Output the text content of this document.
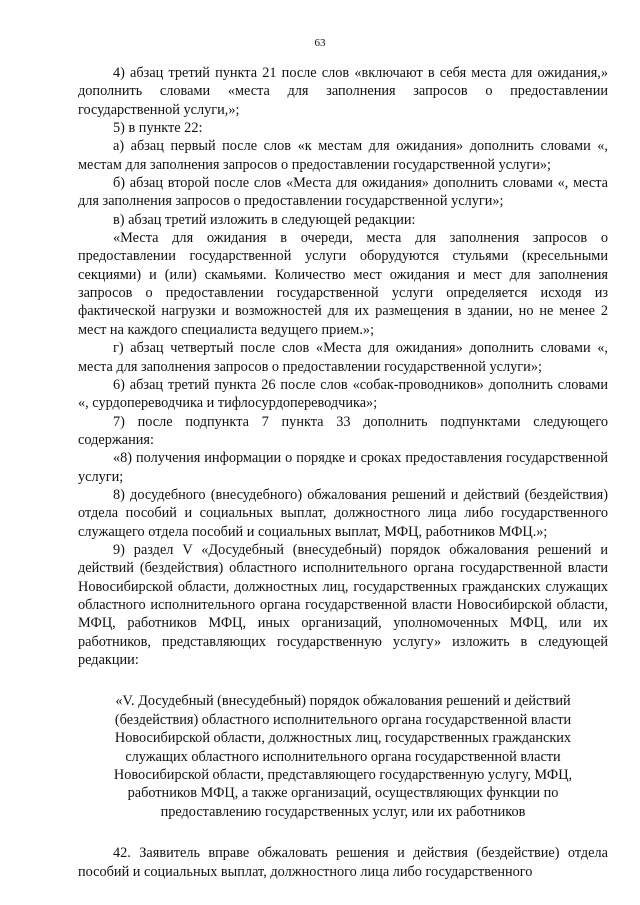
63

4) абзац третий пункта 21 после слов «включают в себя места для ожидания,» дополнить словами «места для заполнения запросов о предоставлении государственной услуги,»;

5) в пункте 22:

а) абзац первый после слов «к местам для ожидания» дополнить словами «, местам для заполнения запросов о предоставлении государственной услуги»;

б) абзац второй после слов «Места для ожидания» дополнить словами «, места для заполнения запросов о предоставлении государственной услуги»;

в) абзац третий изложить в следующей редакции:

«Места для ожидания в очереди, места для заполнения запросов о предоставлении государственной услуги оборудуются стульями (кресельными секциями) и (или) скамьями. Количество мест ожидания и мест для заполнения запросов о предоставлении государственной услуги определяется исходя из фактической нагрузки и возможностей для их размещения в здании, но не менее 2 мест на каждого специалиста ведущего прием.»;

г) абзац четвертый после слов «Места для ожидания» дополнить словами «, места для заполнения запросов о предоставлении государственной услуги»;

6) абзац третий пункта 26 после слов «собак-проводников» дополнить словами «, сурдопереводчика и тифлосурдопереводчика»;

7) после подпункта 7 пункта 33 дополнить подпунктами следующего содержания:

«8) получения информации о порядке и сроках предоставления государственной услуги;

8) досудебного (внесудебного) обжалования решений и действий (бездействия) отдела пособий и социальных выплат, должностного лица либо государственного служащего отдела пособий и социальных выплат, МФЦ, работников МФЦ.»;

9) раздел V «Досудебный (внесудебный) порядок обжалования решений и действий (бездействия) областного исполнительного органа государственной власти Новосибирской области, должностных лиц, государственных гражданских служащих областного исполнительного органа государственной власти Новосибирской области, МФЦ, работников МФЦ, иных организаций, уполномоченных МФЦ, или их работников, представляющих государственную услугу» изложить в следующей редакции:

«V. Досудебный (внесудебный) порядок обжалования решений и действий (бездействия) областного исполнительного органа государственной власти Новосибирской области, должностных лиц, государственных гражданских служащих областного исполнительного органа государственной власти Новосибирской области, представляющего государственную услугу, МФЦ, работников МФЦ, а также организаций, осуществляющих функции по предоставлению государственных услуг, или их работников

42. Заявитель вправе обжаловать решения и действия (бездействие) отдела пособий и социальных выплат, должностного лица либо государственного
